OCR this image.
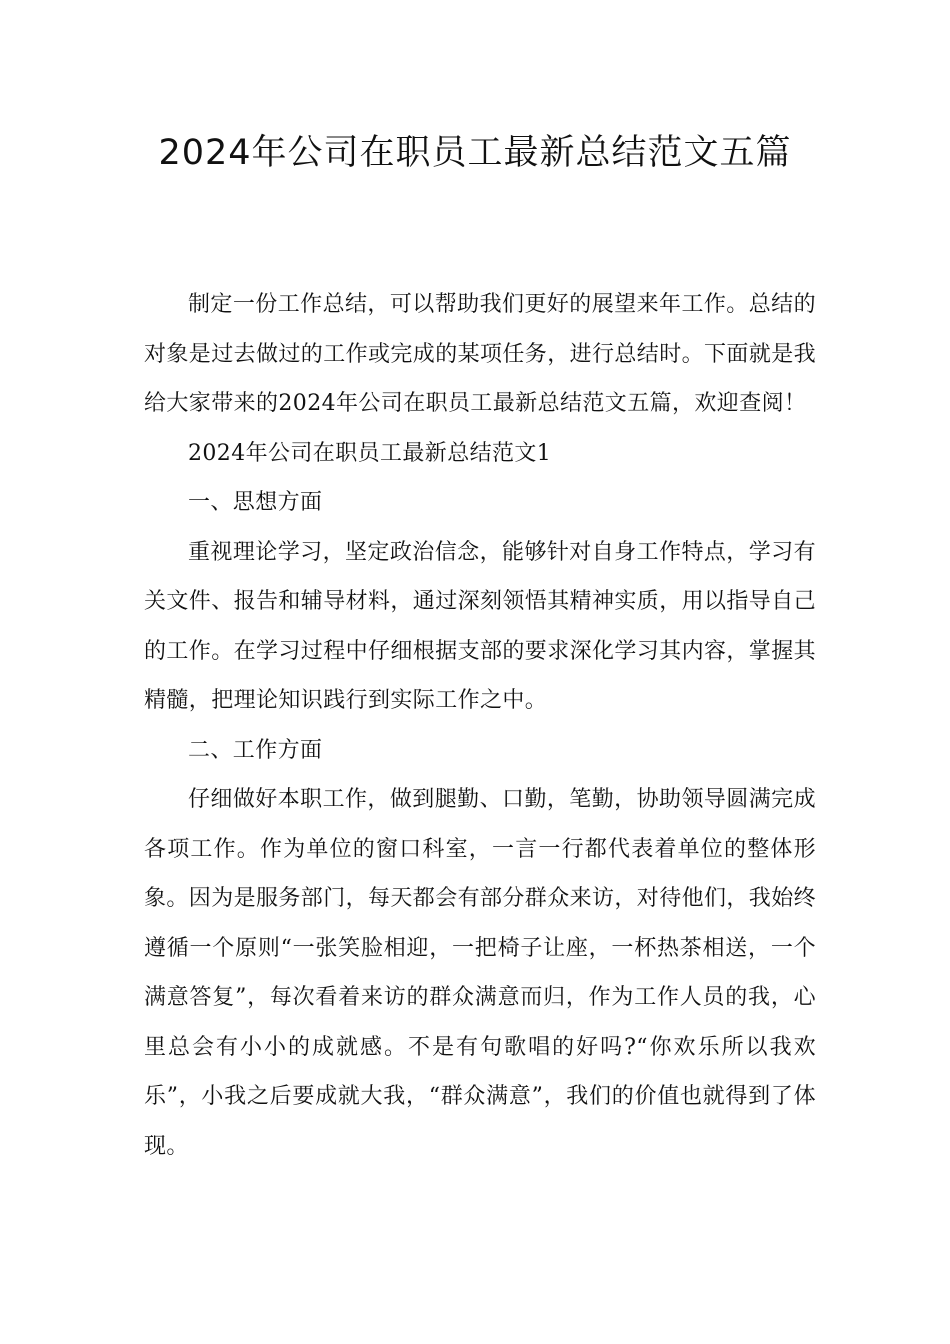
2024年公司在职员工最新总结范文五篇

制定一份工作总结，可以帮助我们更好的展望来年工作。总结的对象是过去做过的工作或完成的某项任务，进行总结时。下面就是我给大家带来的2024年公司在职员工最新总结范文五篇，欢迎查阅！

2024年公司在职员工最新总结范文1

一、思想方面

重视理论学习，坚定政治信念，能够针对自身工作特点，学习有关文件、报告和辅导材料，通过深刻领悟其精神实质，用以指导自己的工作。在学习过程中仔细根据支部的要求深化学习其内容，掌握其精髓，把理论知识践行到实际工作之中。

二、工作方面

仔细做好本职工作，做到腿勤、口勤，笔勤，协助领导圆满完成各项工作。作为单位的窗口科室，一言一行都代表着单位的整体形象。因为是服务部门，每天都会有部分群众来访，对待他们，我始终遵循一个原则“一张笑脸相迎，一把椅子让座，一杯热茶相送，一个满意答复”，每次看着来访的群众满意而归，作为工作人员的我，心里总会有小小的成就感。不是有句歌唱的好吗?“你欢乐所以我欢乐”，小我之后要成就大我，“群众满意”，我们的价值也就得到了体现。
